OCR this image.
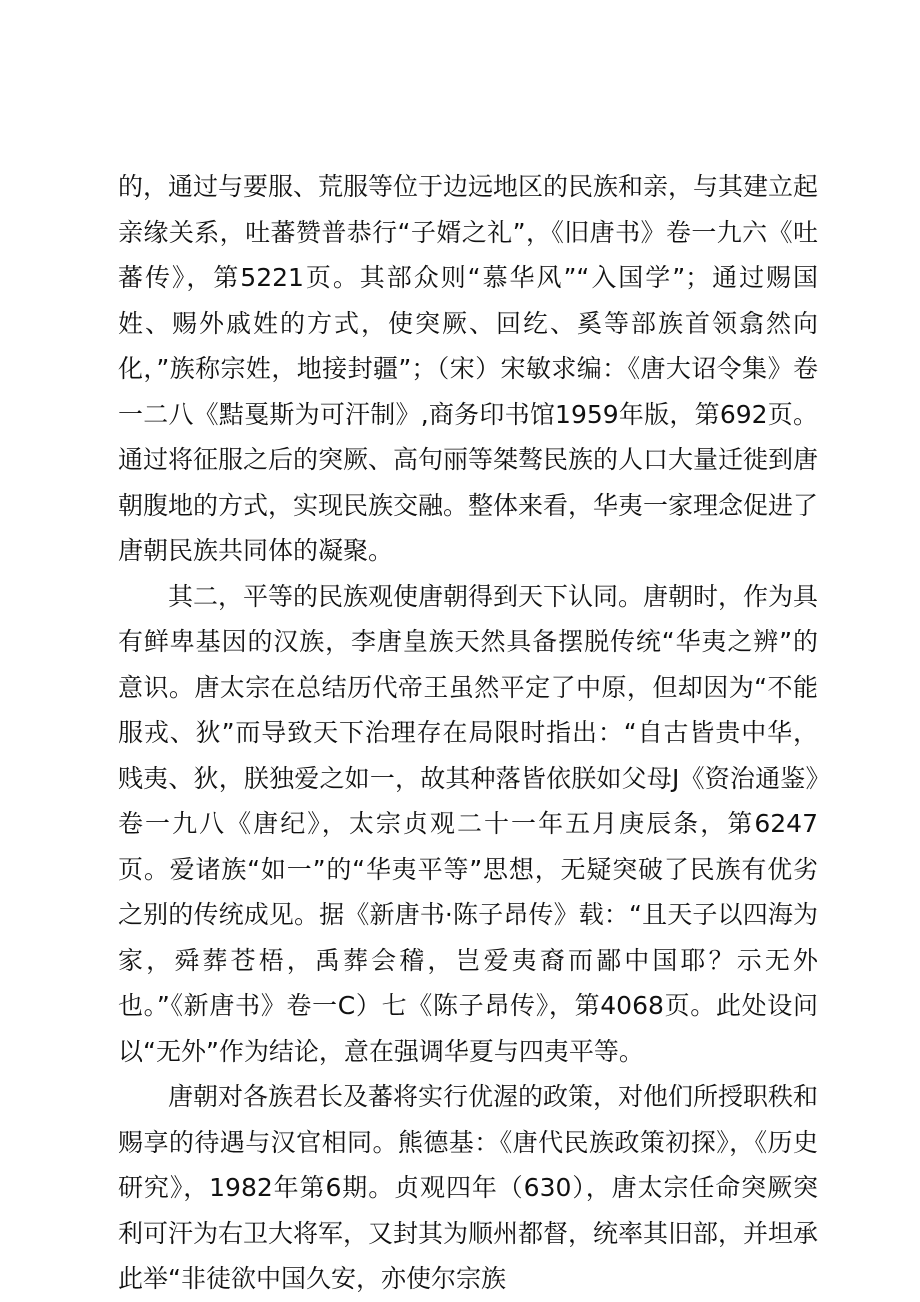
的，通过与要服、荒服等位于边远地区的民族和亲，与其建立起亲缘关系，吐蕃赞普恭行“子婿之礼”，《旧唐书》卷一九六《吐蕃传》，第5221页。其部众则“慕华风”“入国学”；通过赐国姓、赐外戚姓的方式，使突厥、回纥、奚等部族首领翕然向化，”族称宗姓，地接封疆”；（宋）宋敏求编：《唐大诏令集》卷一二八《黠戛斯为可汗制》,商务印书馆1959年版，第692页。通过将征服之后的突厥、高句丽等桀骜民族的人口大量迁徙到唐朝腹地的方式，实现民族交融。整体来看，华夷一家理念促进了唐朝民族共同体的凝聚。

其二，平等的民族观使唐朝得到天下认同。唐朝时，作为具有鲜卑基因的汉族，李唐皇族天然具备摆脱传统“华夷之辨”的意识。唐太宗在总结历代帝王虽然平定了中原，但却因为“不能服戎、狄”而导致天下治理存在局限时指出：“自古皆贵中华，贱夷、狄，朕独爱之如一，故其种落皆依朕如父母J《资治通鉴》卷一九八《唐纪》，太宗贞观二十一年五月庚辰条，第6247页。爱诸族“如一”的“华夷平等”思想，无疑突破了民族有优劣之别的传统成见。据《新唐书·陈子昂传》载：“且天子以四海为家，舜葬苍梧，禹葬会稽，岂爱夷裔而鄙中国耶？示无外也。”《新唐书》卷一C）七《陈子昂传》，第4068页。此处设问以“无外”作为结论，意在强调华夏与四夷平等。

唐朝对各族君长及蕃将实行优渥的政策，对他们所授职秩和赐享的待遇与汉官相同。熊德基：《唐代民族政策初探》，《历史研究》，1982年第6期。贞观四年（630），唐太宗任命突厥突利可汗为右卫大将军，又封其为顺州都督，统率其旧部，并坦承此举“非徒欲中国久安，亦使尔宗族
